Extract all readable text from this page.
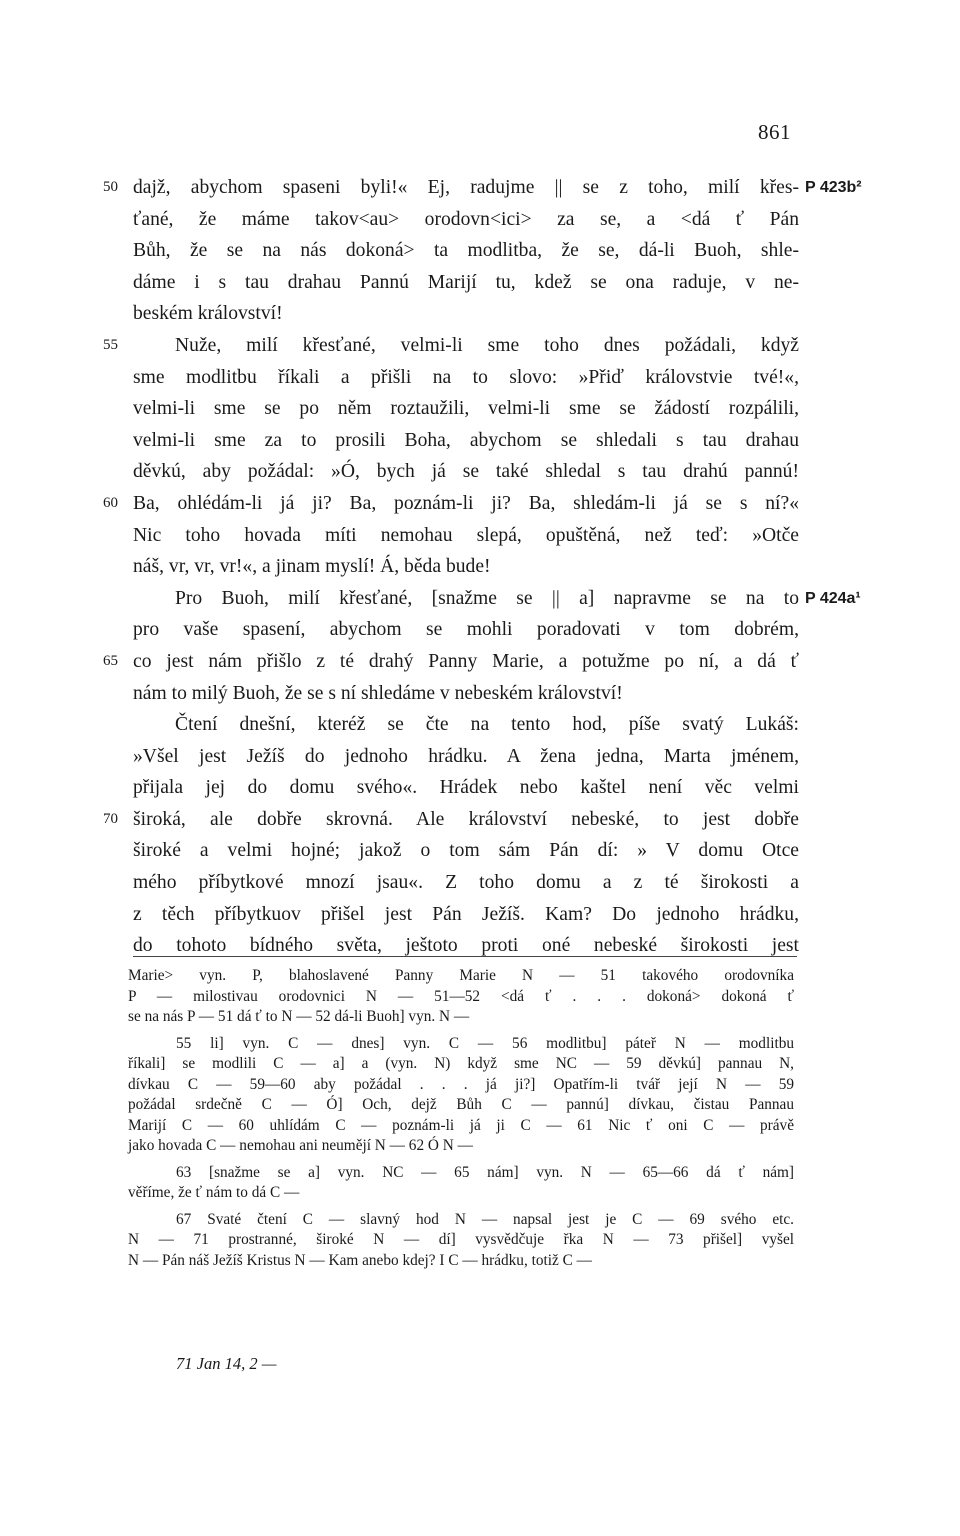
861
50 dajž, abychom spaseni byli!« Ej, radujme || se z toho, milí křes- P 423b²
ťané, že máme takov<au> orodovn<ici> za se, a <dá ť Pán
Bůh, že se na nás dokoná> ta modlitba, že se, dá-li Buoh, shle-
dáme i s tau drahau Pannú Marijí tu, kdež se ona raduje, v ne-
beském království!
55	Nuže, milí křesťané, velmi-li sme toho dnes požádali, když
sme modlitbu říkali a přišli na to slovo: »Přiď královstvie tvé!«,
velmi-li sme se po něm roztaužili, velmi-li sme se žádostí rozpálili,
velmi-li sme za to prosili Boha, abychom se shledali s tau drahau
děvkú, aby požádal: »Ó, bych já se také shledal s tau drahú pannú!
60 Ba, ohlédám-li já ji? Ba, poznám-li ji? Ba, shledám-li já se s ní?«
Nic toho hovada míti nemohau slepá, opuštěná, než teď: »Otče
náš, vr, vr, vr!«, a jinam myslí! Á, běda bude!
Pro Buoh, milí křesťané, [snažme se || a] napravme se na to P 424a¹
pro vaše spasení, abychom se mohli poradovati v tom dobrém,
65 co jest nám přišlo z té drahý Panny Marie, a potužme po ní, a dá ť
nám to milý Buoh, že se s ní shledáme v nebeském království!
Čtení dnešní, kteréž se čte na tento hod, píše svatý Lukáš:
»Všel jest Ježíš do jednoho hrádku. A žena jedna, Marta jménem,
přijala jej do domu svého«. Hrádek nebo kaštel není věc velmi
70 široká, ale dobře skrovná. Ale království nebeské, to jest dobře
široké a velmi hojné; jakož o tom sám Pán dí: » V domu Otce
mého příbytkové mnozí jsau«. Z toho domu a z té širokosti a
z těch příbytkuov přišel jest Pán Ježíš. Kam? Do jednoho hrádku,
do tohoto bídného světa, ještoto proti oné nebeské širokosti jest
Marie> vyn. P, blahoslavené Panny Marie N — 51 takového orodovníka
P — milostivau orodovnici N — 51—52 <dá ť . . . dokoná> dokoná ť
se na nás P — 51 dá ť to N — 52 dá-li Buoh] vyn. N —
55 li] vyn. C — dnes] vyn. C — 56 modlitbu] páteř N — modlitbu
říkali] se modlili C — a] a (vyn. N) když sme NC — 59 děvkú] pannau N,
dívkau C — 59—60 aby požádal . . . já ji?] Opatřím-li tvář její N — 59
požádal srdečně C — Ó] Och, dejž Bůh C — pannú] dívkau, čistau Pannau
Marijí C — 60 uhlídám C — poznám-li já ji C — 61 Nic ť oni C — právě
jako hovada C — nemohau ani neumějí N — 62 Ó N —
63 [snažme se a] vyn. NC — 65 nám] vyn. N — 65—66 dá ť nám]
věříme, že ť nám to dá C —
67 Svaté čtení C — slavný hod N — napsal jest je C — 69 svého etc.
N — 71 prostranné, široké N — dí] vysvědčuje řka N — 73 přišel] vyšel
N — Pán náš Ježíš Kristus N — Kam anebo kdej? I C — hrádku, totiž C —
71 Jan 14, 2 —
